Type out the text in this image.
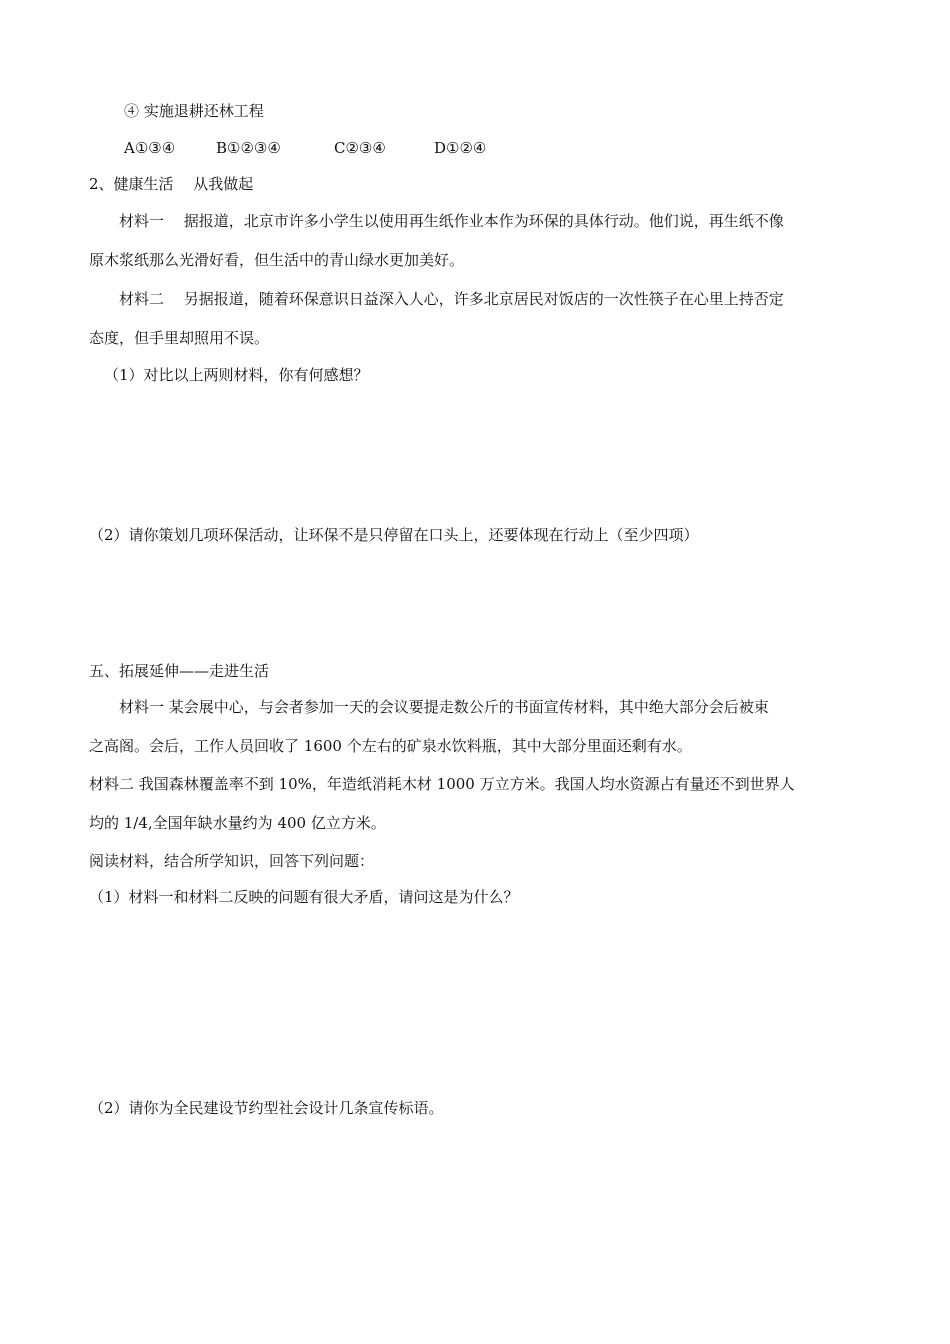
④ 实施退耕还林工程
A①③④	B①②③④	C②③④	D①②④
2、健康生活　 从我做起
材料一　 据报道，北京市许多小学生以使用再生纸作业本作为环保的具体行动。他们说，再生纸不像
原木浆纸那么光滑好看，但生活中的青山绿水更加美好。
材料二　 另据报道，随着环保意识日益深入人心，许多北京居民对饭店的一次性筷子在心里上持否定
态度，但手里却照用不误。
（1）对比以上两则材料，你有何感想？
（2）请你策划几项环保活动，让环保不是只停留在口头上，还要体现在行动上（至少四项）
五、拓展延伸——走进生活
材料一 某会展中心，与会者参加一天的会议要提走数公斤的书面宣传材料，其中绝大部分会后被束
之高阁。会后，工作人员回收了 1600 个左右的矿泉水饮料瓶，其中大部分里面还剩有水。
材料二 我国森林覆盖率不到 10%，年造纸消耗木材 1000 万立方米。我国人均水资源占有量还不到世界人
均的 1/4,全国年缺水量约为 400 亿立方米。
阅读材料，结合所学知识，回答下列问题：
（1）材料一和材料二反映的问题有很大矛盾，请问这是为什么？
（2）请你为全民建设节约型社会设计几条宣传标语。
